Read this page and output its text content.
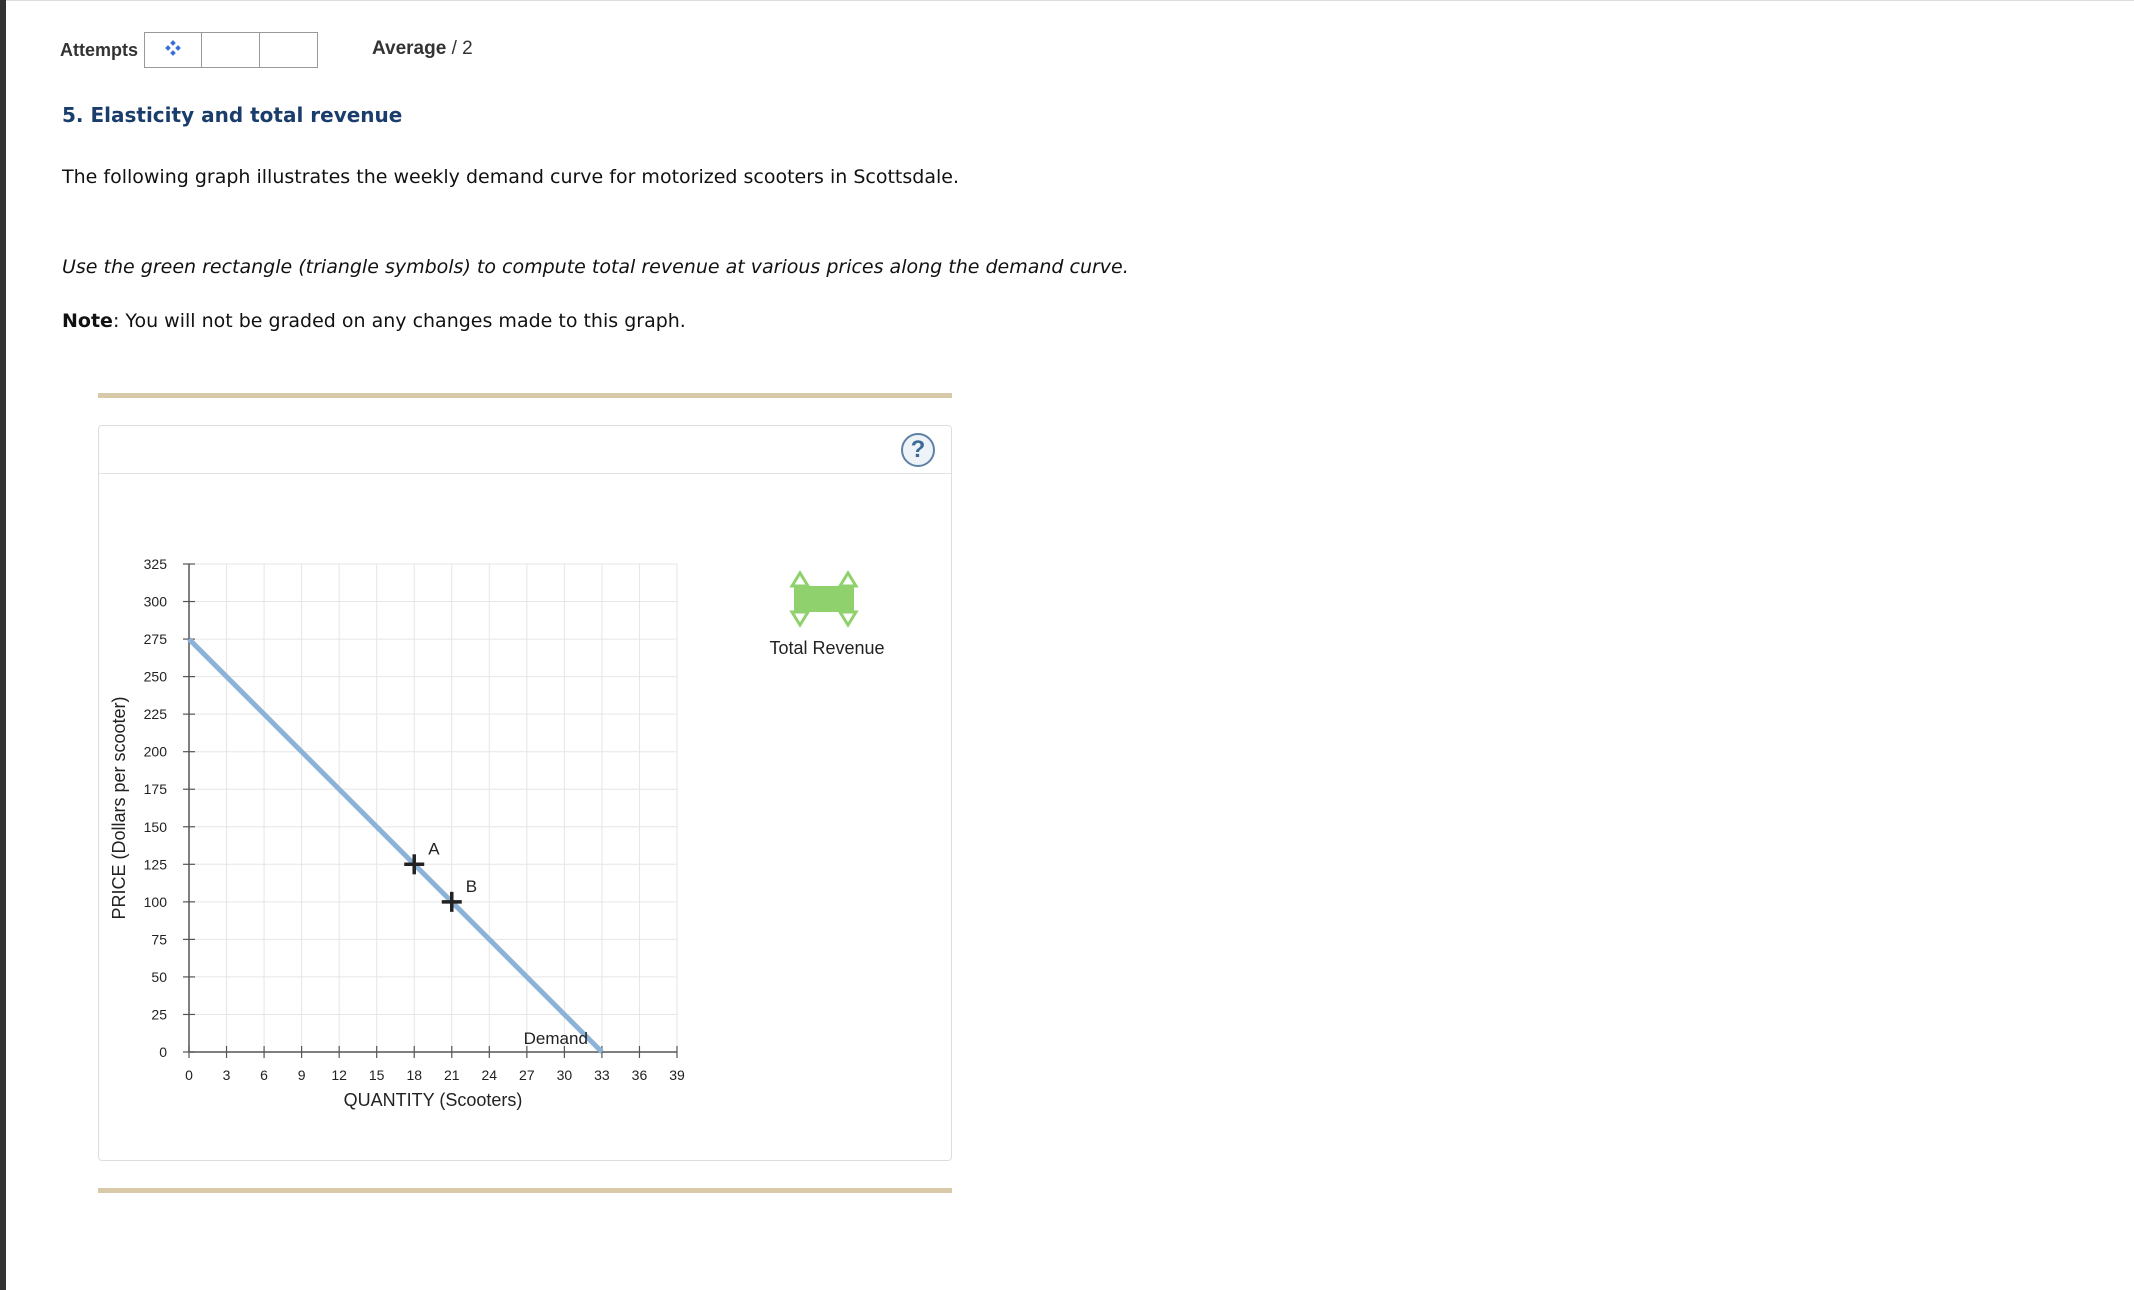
Attempts	Average / 2
5. Elasticity and total revenue
The following graph illustrates the weekly demand curve for motorized scooters in Scottsdale.
Use the green rectangle (triangle symbols) to compute total revenue at various prices along the demand curve.
Note: You will not be graded on any changes made to this graph.
?
0 3 6 9 12 15 18 21 24 27 30 33 36 39
0
25
50
75
100
125
150
175
200
225
250
275
300
325
Demand
A
B
QUANTITY (Scooters)
PRICE (Dollars per scooter)
Total Revenue
